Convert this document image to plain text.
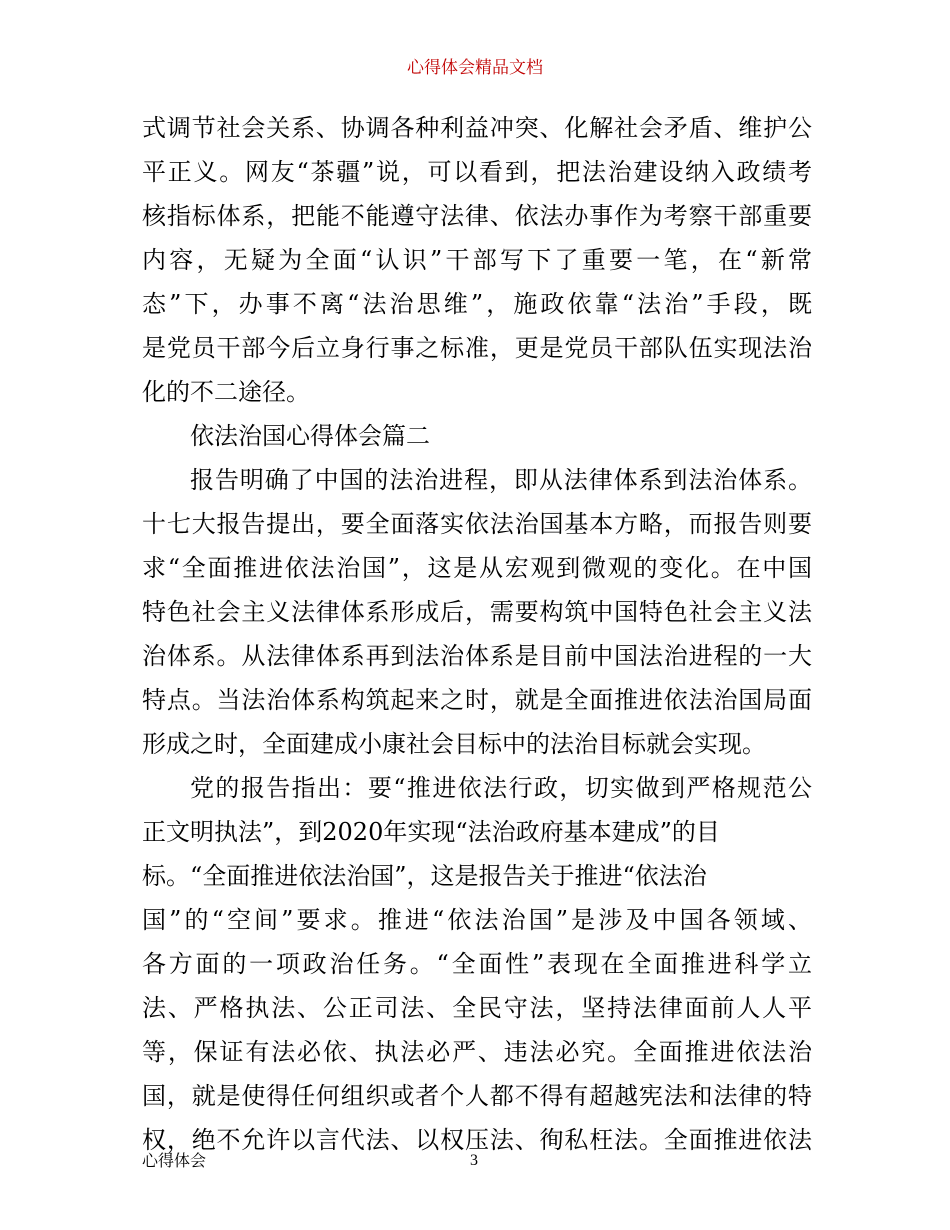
心得体会精品文档
式调节社会关系、协调各种利益冲突、化解社会矛盾、维护公
平正义。网友“茶疆”说，可以看到，把法治建设纳入政绩考
核指标体系，把能不能遵守法律、依法办事作为考察干部重要
内容，无疑为全面“认识”干部写下了重要一笔，在“新常
态”下，办事不离“法治思维”，施政依靠“法治”手段，既
是党员干部今后立身行事之标准，更是党员干部队伍实现法治
化的不二途径。
依法治国心得体会篇二
报告明确了中国的法治进程，即从法律体系到法治体系。
十七大报告提出，要全面落实依法治国基本方略，而报告则要
求“全面推进依法治国”，这是从宏观到微观的变化。在中国
特色社会主义法律体系形成后，需要构筑中国特色社会主义法
治体系。从法律体系再到法治体系是目前中国法治进程的一大
特点。当法治体系构筑起来之时，就是全面推进依法治国局面
形成之时，全面建成小康社会目标中的法治目标就会实现。
党的报告指出：要“推进依法行政，切实做到严格规范公
正文明执法”，到2020年实现“法治政府基本建成”的目
标。“全面推进依法治国”，这是报告关于推进“依法治
国”的“空间”要求。推进“依法治国”是涉及中国各领域、
各方面的一项政治任务。“全面性”表现在全面推进科学立
法、严格执法、公正司法、全民守法，坚持法律面前人人平
等，保证有法必依、执法必严、违法必究。全面推进依法治
国，就是使得任何组织或者个人都不得有超越宪法和法律的特
权，绝不允许以言代法、以权压法、徇私枉法。全面推进依法
心得体会	3
